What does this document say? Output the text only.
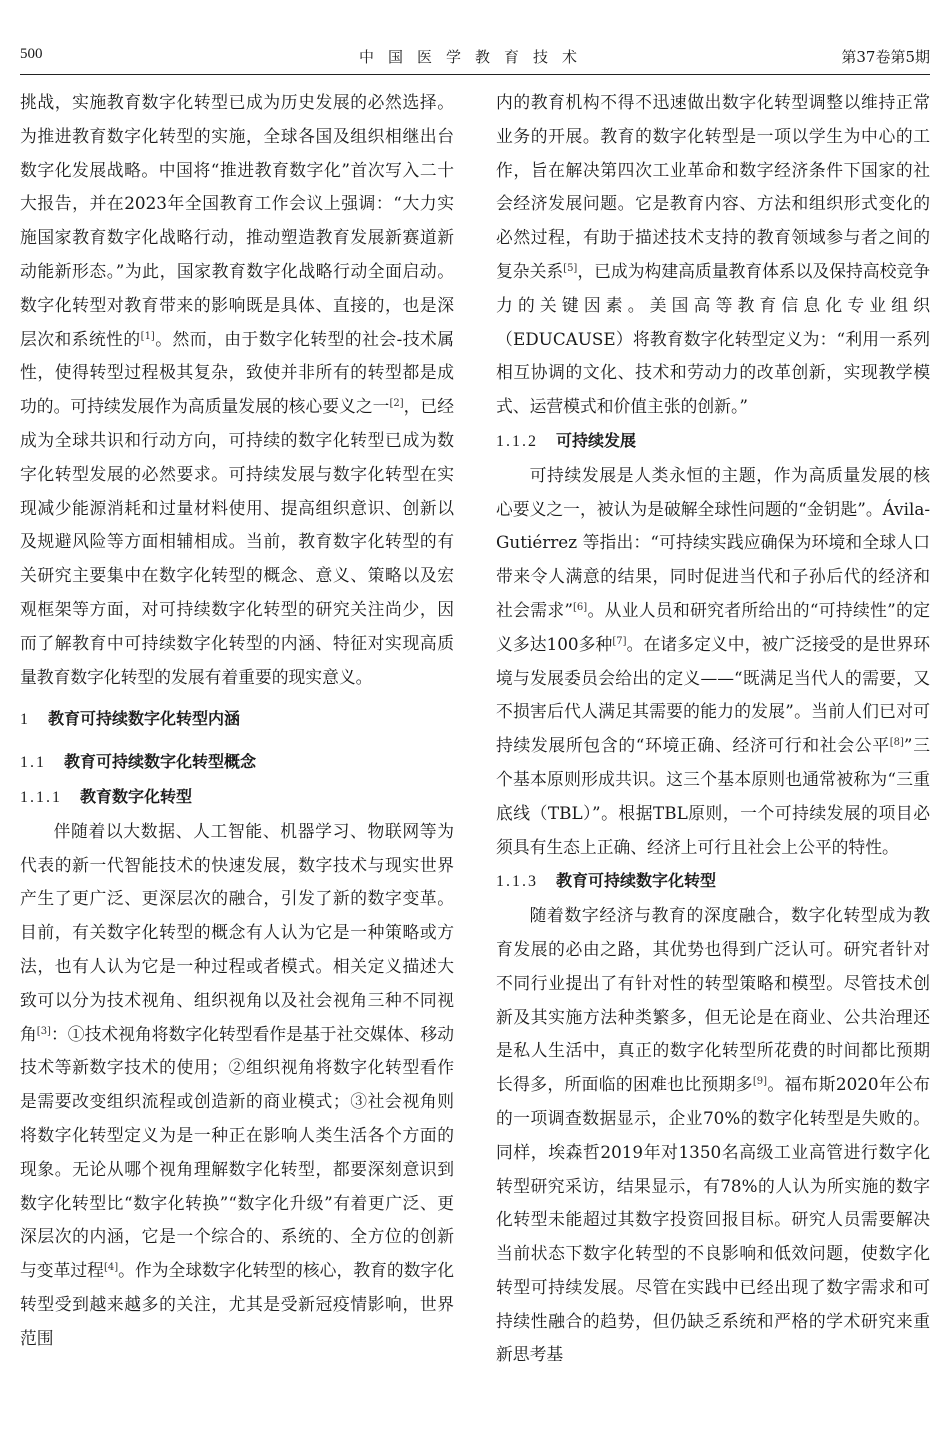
500	中国医学教育技术	第37卷第5期

挑战，实施教育数字化转型已成为历史发展的必然选择。为推进教育数字化转型的实施，全球各国及组织相继出台数字化发展战略。中国将“推进教育数字化”首次写入二十大报告，并在2023年全国教育工作会议上强调：“大力实施国家教育数字化战略行动，推动塑造教育发展新赛道新动能新形态。”为此，国家教育数字化战略行动全面启动。数字化转型对教育带来的影响既是具体、直接的，也是深层次和系统性的[1]。然而，由于数字化转型的社会-技术属性，使得转型过程极其复杂，致使并非所有的转型都是成功的。可持续发展作为高质量发展的核心要义之一[2]，已经成为全球共识和行动方向，可持续的数字化转型已成为数字化转型发展的必然要求。可持续发展与数字化转型在实现减少能源消耗和过量材料使用、提高组织意识、创新以及规避风险等方面相辅相成。当前，教育数字化转型的有关研究主要集中在数字化转型的概念、意义、策略以及宏观框架等方面，对可持续数字化转型的研究关注尚少，因而了解教育中可持续数字化转型的内涵、特征对实现高质量教育数字化转型的发展有着重要的现实意义。

1 教育可持续数字化转型内涵

1.1 教育可持续数字化转型概念

1.1.1 教育数字化转型

伴随着以大数据、人工智能、机器学习、物联网等为代表的新一代智能技术的快速发展，数字技术与现实世界产生了更广泛、更深层次的融合，引发了新的数字变革。目前，有关数字化转型的概念有人认为它是一种策略或方法，也有人认为它是一种过程或者模式。相关定义描述大致可以分为技术视角、组织视角以及社会视角三种不同视角[3]：①技术视角将数字化转型看作是基于社交媒体、移动技术等新数字技术的使用；②组织视角将数字化转型看作是需要改变组织流程或创造新的商业模式；③社会视角则将数字化转型定义为是一种正在影响人类生活各个方面的现象。无论从哪个视角理解数字化转型，都要深刻意识到数字化转型比“数字化转换”“数字化升级”有着更广泛、更深层次的内涵，它是一个综合的、系统的、全方位的创新与变革过程[4]。作为全球数字化转型的核心，教育的数字化转型受到越来越多的关注，尤其是受新冠疫情影响，世界范围

内的教育机构不得不迅速做出数字化转型调整以维持正常业务的开展。教育的数字化转型是一项以学生为中心的工作，旨在解决第四次工业革命和数字经济条件下国家的社会经济发展问题。它是教育内容、方法和组织形式变化的必然过程，有助于描述技术支持的教育领域参与者之间的复杂关系[5]，已成为构建高质量教育体系以及保持高校竞争力的关键因素。美国高等教育信息化专业组织（EDUCAUSE）将教育数字化转型定义为：“利用一系列相互协调的文化、技术和劳动力的改革创新，实现教学模式、运营模式和价值主张的创新。”

1.1.2 可持续发展

可持续发展是人类永恒的主题，作为高质量发展的核心要义之一，被认为是破解全球性问题的“金钥匙”。Ávila-Gutiérrez 等指出：“可持续实践应确保为环境和全球人口带来令人满意的结果，同时促进当代和子孙后代的经济和社会需求”[6]。从业人员和研究者所给出的“可持续性”的定义多达100多种[7]。在诸多定义中，被广泛接受的是世界环境与发展委员会给出的定义——“既满足当代人的需要，又不损害后代人满足其需要的能力的发展”。当前人们已对可持续发展所包含的“环境正确、经济可行和社会公平[8]”三个基本原则形成共识。这三个基本原则也通常被称为“三重底线（TBL）”。根据TBL原则，一个可持续发展的项目必须具有生态上正确、经济上可行且社会上公平的特性。

1.1.3 教育可持续数字化转型

随着数字经济与教育的深度融合，数字化转型成为教育发展的必由之路，其优势也得到广泛认可。研究者针对不同行业提出了有针对性的转型策略和模型。尽管技术创新及其实施方法种类繁多，但无论是在商业、公共治理还是私人生活中，真正的数字化转型所花费的时间都比预期长得多，所面临的困难也比预期多[9]。福布斯2020年公布的一项调查数据显示，企业70%的数字化转型是失败的。同样，埃森哲2019年对1350名高级工业高管进行数字化转型研究采访，结果显示，有78%的人认为所实施的数字化转型未能超过其数字投资回报目标。研究人员需要解决当前状态下数字化转型的不良影响和低效问题，使数字化转型可持续发展。尽管在实践中已经出现了数字需求和可持续性融合的趋势，但仍缺乏系统和严格的学术研究来重新思考基
